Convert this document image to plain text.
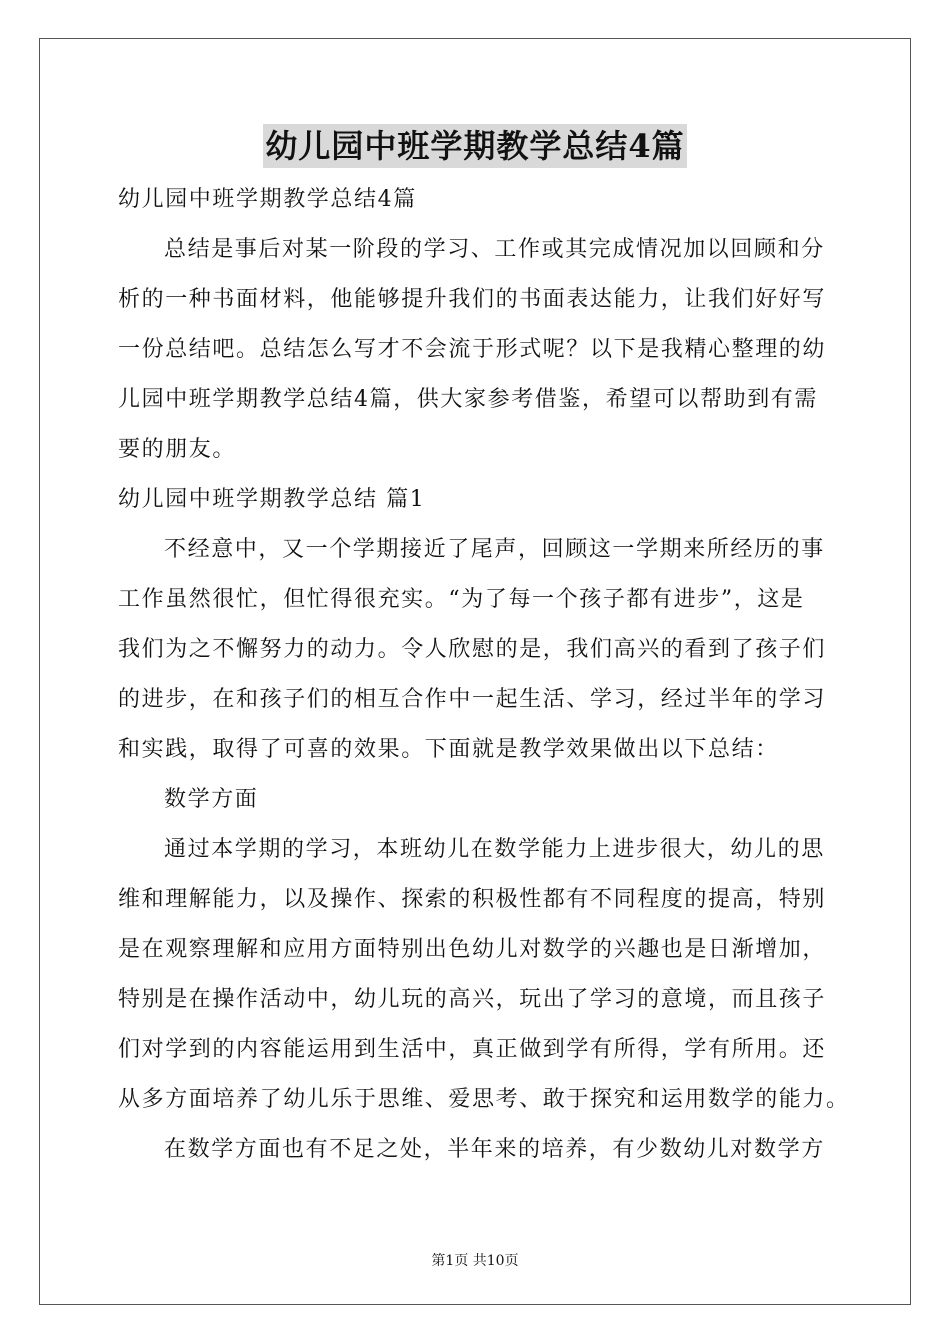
幼儿园中班学期教学总结4篇
幼儿园中班学期教学总结4篇
总结是事后对某一阶段的学习、工作或其完成情况加以回顾和分
析的一种书面材料，他能够提升我们的书面表达能力，让我们好好写
一份总结吧。总结怎么写才不会流于形式呢？以下是我精心整理的幼
儿园中班学期教学总结4篇，供大家参考借鉴，希望可以帮助到有需
要的朋友。
幼儿园中班学期教学总结 篇1
不经意中，又一个学期接近了尾声，回顾这一学期来所经历的事
工作虽然很忙，但忙得很充实。“为了每一个孩子都有进步”，这是
我们为之不懈努力的动力。令人欣慰的是，我们高兴的看到了孩子们
的进步，在和孩子们的相互合作中一起生活、学习，经过半年的学习
和实践，取得了可喜的效果。下面就是教学效果做出以下总结：
数学方面
通过本学期的学习，本班幼儿在数学能力上进步很大，幼儿的思
维和理解能力，以及操作、探索的积极性都有不同程度的提高，特别
是在观察理解和应用方面特别出色幼儿对数学的兴趣也是日渐增加，
特别是在操作活动中，幼儿玩的高兴，玩出了学习的意境，而且孩子
们对学到的内容能运用到生活中，真正做到学有所得，学有所用。还
从多方面培养了幼儿乐于思维、爱思考、敢于探究和运用数学的能力。
在数学方面也有不足之处，半年来的培养，有少数幼儿对数学方
第1页 共10页
